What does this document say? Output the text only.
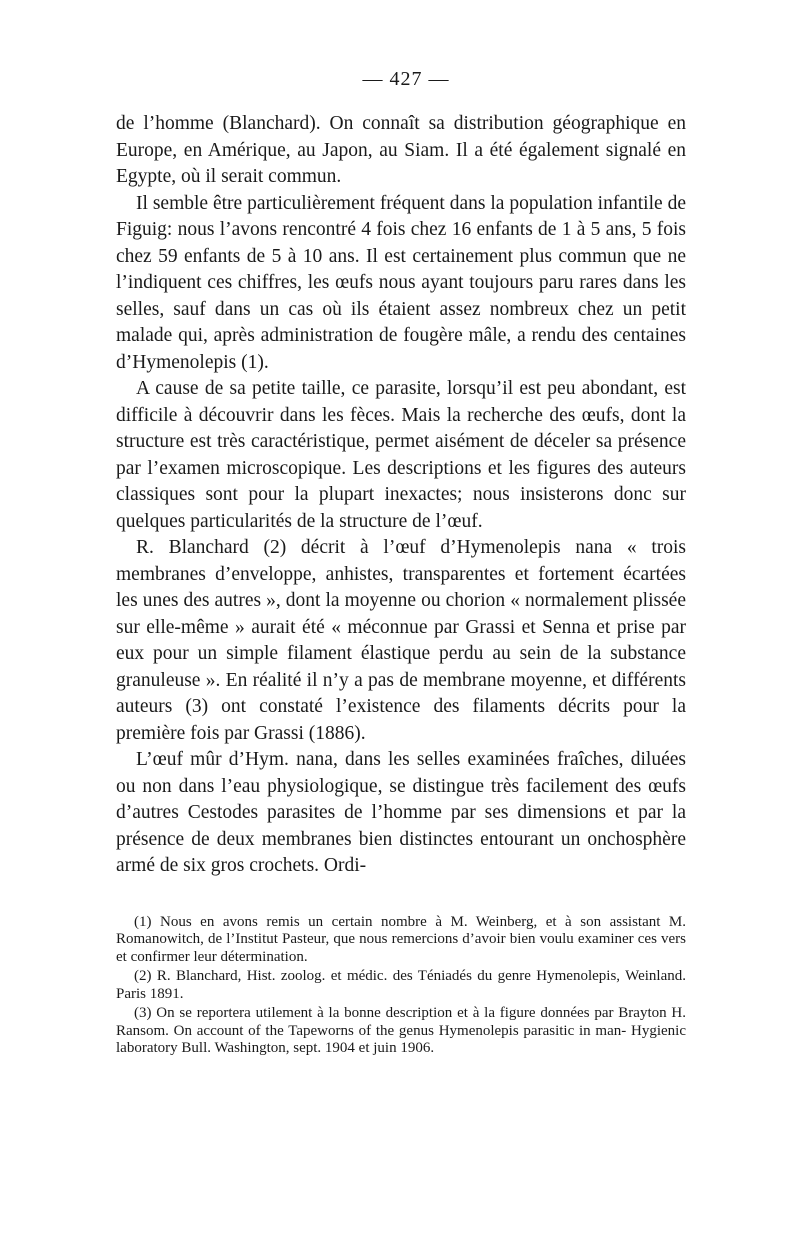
— 427 —

de l’homme (Blanchard). On connaît sa distribution géographique en Europe, en Amérique, au Japon, au Siam. Il a été également signalé en Egypte, où il serait commun.

Il semble être particulièrement fréquent dans la population infantile de Figuig: nous l’avons rencontré 4 fois chez 16 enfants de 1 à 5 ans, 5 fois chez 59 enfants de 5 à 10 ans. Il est certainement plus commun que ne l’indiquent ces chiffres, les œufs nous ayant toujours paru rares dans les selles, sauf dans un cas où ils étaient assez nombreux chez un petit malade qui, après administration de fougère mâle, a rendu des centaines d’Hymenolepis (1).

A cause de sa petite taille, ce parasite, lorsqu’il est peu abondant, est difficile à découvrir dans les fèces. Mais la recherche des œufs, dont la structure est très caractéristique, permet aisément de déceler sa présence par l’examen microscopique. Les descriptions et les figures des auteurs classiques sont pour la plupart inexactes; nous insisterons donc sur quelques particularités de la structure de l’œuf.

R. Blanchard (2) décrit à l’œuf d’Hymenolepis nana « trois membranes d’enveloppe, anhistes, transparentes et fortement écartées les unes des autres », dont la moyenne ou chorion « normalement plissée sur elle-même » aurait été « méconnue par Grassi et Senna et prise par eux pour un simple filament élastique perdu au sein de la substance granuleuse ». En réalité il n’y a pas de membrane moyenne, et différents auteurs (3) ont constaté l’existence des filaments décrits pour la première fois par Grassi (1886).

L’œuf mûr d’Hym. nana, dans les selles examinées fraîches, diluées ou non dans l’eau physiologique, se distingue très facilement des œufs d’autres Cestodes parasites de l’homme par ses dimensions et par la présence de deux membranes bien distinctes entourant un onchosphère armé de six gros crochets. Ordi-

(1) Nous en avons remis un certain nombre à M. Weinberg, et à son assistant M. Romanowitch, de l’Institut Pasteur, que nous remercions d’avoir bien voulu examiner ces vers et confirmer leur détermination.

(2) R. Blanchard, Hist. zoolog. et médic. des Téniadés du genre Hymenolepis, Weinland. Paris 1891.

(3) On se reportera utilement à la bonne description et à la figure données par Brayton H. Ransom. On account of the Tapeworns of the genus Hymenolepis parasitic in man- Hygienic laboratory Bull. Washington, sept. 1904 et juin 1906.
